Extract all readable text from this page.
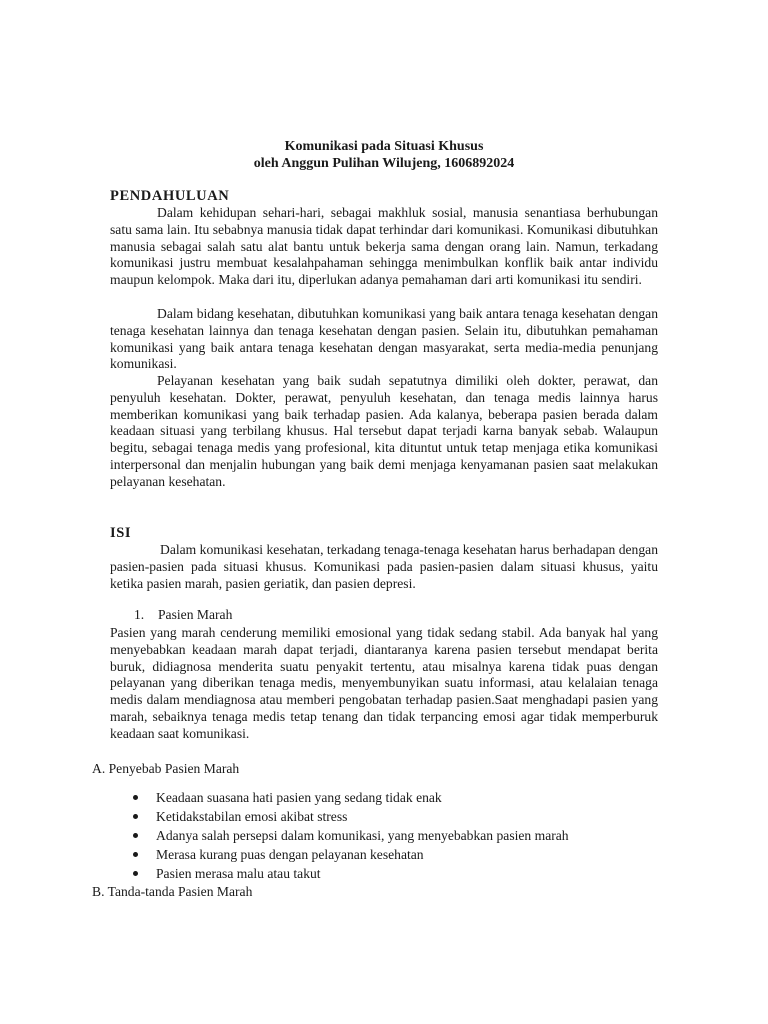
Komunikasi pada Situasi Khusus
oleh Anggun Pulihan Wilujeng, 1606892024
PENDAHULUAN

Dalam kehidupan sehari-hari, sebagai makhluk sosial, manusia senantiasa berhubungan satu sama lain. Itu sebabnya manusia tidak dapat terhindar dari komunikasi. Komunikasi dibutuhkan manusia sebagai salah satu alat bantu untuk bekerja sama dengan orang lain. Namun, terkadang komunikasi justru membuat kesalahpahaman sehingga menimbulkan konflik baik antar individu maupun kelompok. Maka dari itu, diperlukan adanya pemahaman dari arti komunikasi itu sendiri.

Dalam bidang kesehatan, dibutuhkan komunikasi yang baik antara tenaga kesehatan dengan tenaga kesehatan lainnya dan tenaga kesehatan dengan pasien. Selain itu, dibutuhkan pemahaman komunikasi yang baik antara tenaga kesehatan dengan masyarakat, serta media-media penunjang komunikasi.

Pelayanan kesehatan yang baik sudah sepatutnya dimiliki oleh dokter, perawat, dan penyuluh kesehatan. Dokter, perawat, penyuluh kesehatan, dan tenaga medis lainnya harus memberikan komunikasi yang baik terhadap pasien. Ada kalanya, beberapa pasien berada dalam keadaan situasi yang terbilang khusus. Hal tersebut dapat terjadi karna banyak sebab. Walaupun begitu, sebagai tenaga medis yang profesional, kita dituntut untuk tetap menjaga etika komunikasi interpersonal dan menjalin hubungan yang baik demi menjaga kenyamanan pasien saat melakukan pelayanan kesehatan.

ISI

Dalam komunikasi kesehatan, terkadang tenaga-tenaga kesehatan harus berhadapan dengan pasien-pasien pada situasi khusus. Komunikasi pada pasien-pasien dalam situasi khusus, yaitu ketika pasien marah, pasien geriatik, dan pasien depresi.

1. Pasien Marah

Pasien yang marah cenderung memiliki emosional yang tidak sedang stabil. Ada banyak hal yang menyebabkan keadaan marah dapat terjadi, diantaranya karena pasien tersebut mendapat berita buruk, didiagnosa menderita suatu penyakit tertentu, atau misalnya karena tidak puas dengan pelayanan yang diberikan tenaga medis, menyembunyikan suatu informasi, atau kelalaian tenaga medis dalam mendiagnosa atau memberi pengobatan terhadap pasien.Saat menghadapi pasien yang marah, sebaiknya tenaga medis tetap tenang dan tidak terpancing emosi agar tidak memperburuk keadaan saat komunikasi.

A. Penyebab Pasien Marah
Keadaan suasana hati pasien yang sedang tidak enak
Ketidakstabilan emosi akibat stress
Adanya salah persepsi dalam komunikasi, yang menyebabkan pasien marah
Merasa kurang puas dengan pelayanan kesehatan
Pasien merasa malu atau takut
B. Tanda-tanda Pasien Marah
